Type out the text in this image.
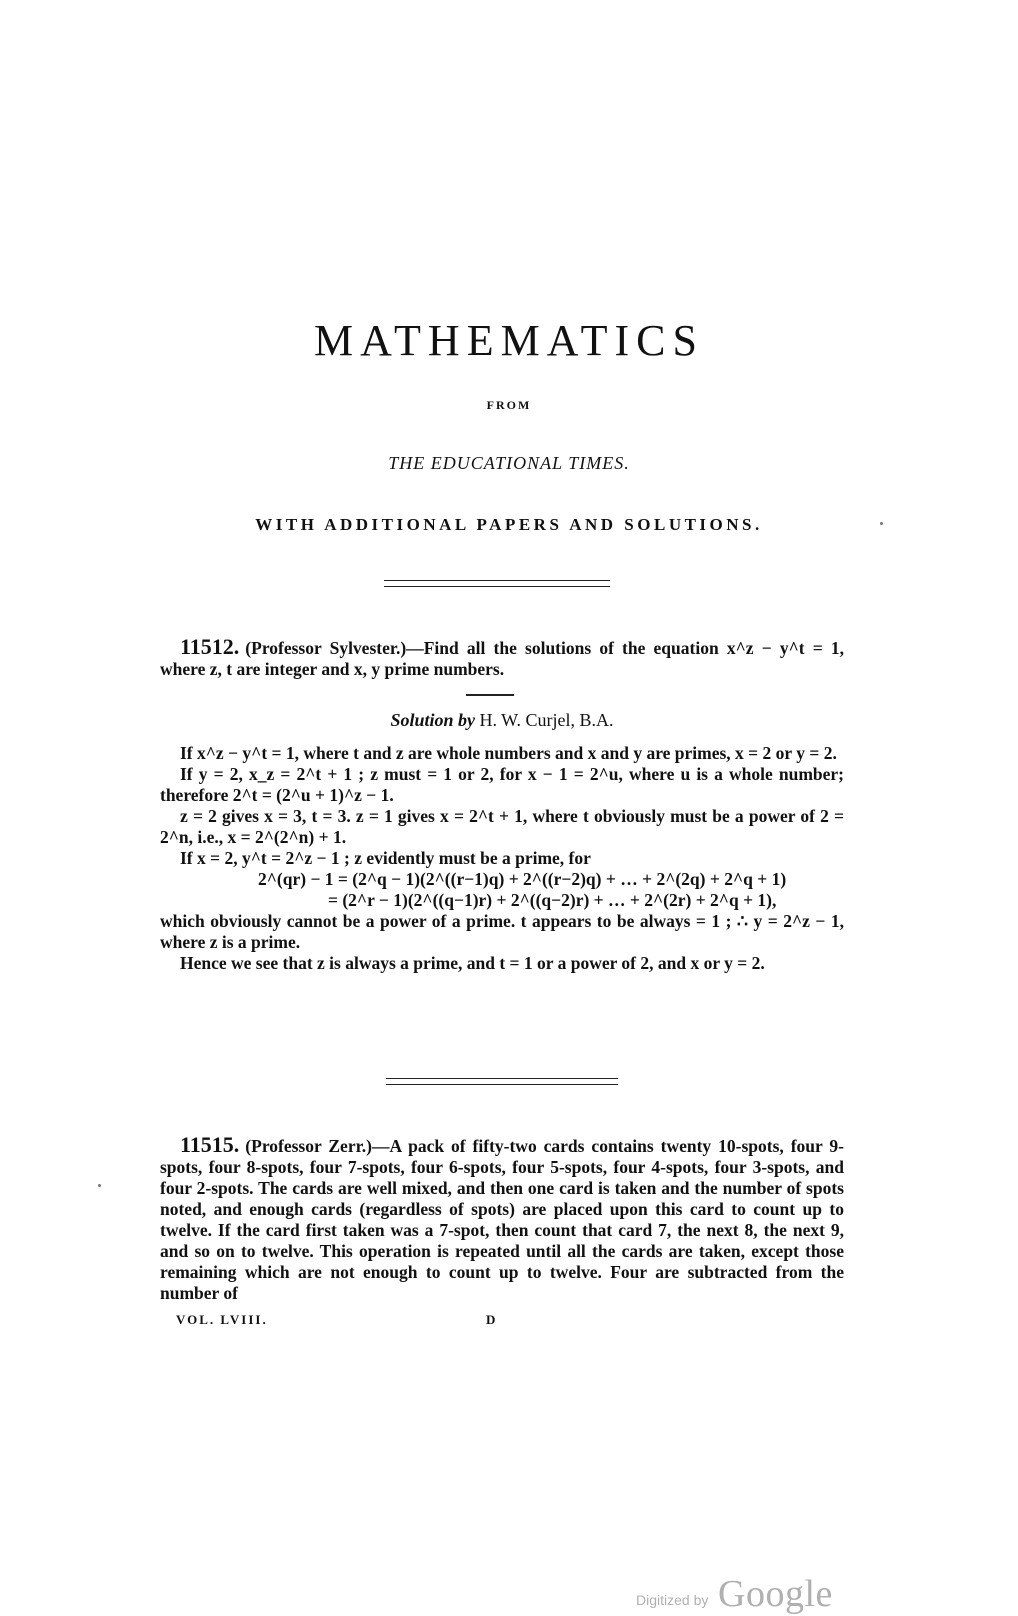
MATHEMATICS
FROM
THE EDUCATIONAL TIMES.
WITH ADDITIONAL PAPERS AND SOLUTIONS.

11512. (Professor Sylvester.)—Find all the solutions of the equation x^z − y^t = 1, where z, t are integer and x, y prime numbers.

Solution by H. W. Curjel, B.A.

If x^z − y^t = 1, where t and z are whole numbers and x and y are primes, x = 2 or y = 2.

If y = 2, x_z = 2^t + 1 ; z must = 1 or 2, for x − 1 = 2^u, where u is a whole number; therefore 2^t = (2^u + 1)^z − 1.

z = 2 gives x = 3, t = 3. z = 1 gives x = 2^t + 1, where t obviously must be a power of 2 = 2^n, i.e., x = 2^(2^n) + 1.

If x = 2, y^t = 2^z − 1 ; z evidently must be a prime, for

2^(qr) − 1 = (2^q − 1)(2^((r−1)q) + 2^((r−2)q) + … + 2^(2q) + 2^q + 1)
= (2^r − 1)(2^((q−1)r) + 2^((q−2)r) + … + 2^(2r) + 2^q + 1),

which obviously cannot be a power of a prime. t appears to be always = 1 ; ∴ y = 2^z − 1, where z is a prime.

Hence we see that z is always a prime, and t = 1 or a power of 2, and x or y = 2.

11515. (Professor Zerr.)—A pack of fifty-two cards contains twenty 10-spots, four 9-spots, four 8-spots, four 7-spots, four 6-spots, four 5-spots, four 4-spots, four 3-spots, and four 2-spots. The cards are well mixed, and then one card is taken and the number of spots noted, and enough cards (regardless of spots) are placed upon this card to count up to twelve. If the card first taken was a 7-spot, then count that card 7, the next 8, the next 9, and so on to twelve. This operation is repeated until all the cards are taken, except those remaining which are not enough to count up to twelve. Four are subtracted from the number of

VOL. LVIII.	D
Digitized by Google
